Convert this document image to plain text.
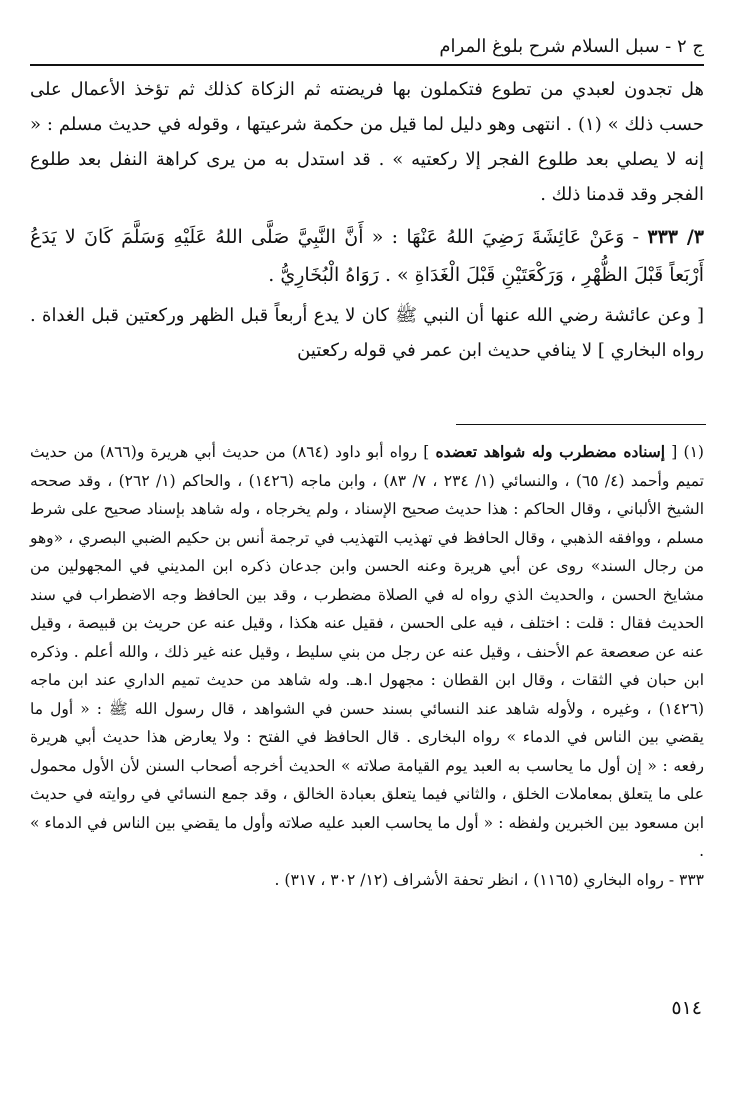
ج ٢ - سبل السلام شرح بلوغ المرام

هل تجدون لعبدي من تطوع فتكملون بها فريضته ثم الزكاة كذلك ثم تؤخذ الأعمال على حسب ذلك » (١) . انتهى وهو دليل لما قيل من حكمة شرعيتها ، وقوله في حديث مسلم : « إنه لا يصلي بعد طلوع الفجر إلا ركعتيه » . قد استدل به من يرى كراهة النفل بعد طلوع الفجر وقد قدمنا ذلك .

٣/ ٣٣٣ - وَعَنْ عَائِشَةَ رَضِيَ اللهُ عَنْهَا : « أَنَّ النَّبِيَّ صَلَّى اللهُ عَلَيْهِ وَسَلَّمَ كَانَ لا يَدَعُ أَرْبَعاً قَبْلَ الظُّهْرِ ، وَرَكْعَتَيْنِ قَبْلَ الْغَدَاةِ » . رَوَاهُ الْبُخَارِيُّ .

[ وعن عائشة رضي الله عنها أن النبي ﷺ كان لا يدع أربعاً قبل الظهر وركعتين قبل الغداة . رواه البخاري ] لا ينافي حديث ابن عمر في قوله ركعتين

(١) [ إسناده مضطرب وله شواهد تعضده ] رواه أبو داود (٨٦٤) من حديث أبي هريرة و(٨٦٦) من حديث تميم وأحمد (٤/ ٦٥) ، والنسائي (١/ ٢٣٤ ، ٧/ ٨٣) ، وابن ماجه (١٤٢٦) ، والحاكم (١/ ٢٦٢) ، وقد صححه الشيخ الألباني ، وقال الحاكم : هذا حديث صحيح الإسناد ، ولم يخرجاه ، وله شاهد بإسناد صحيح على شرط مسلم ، ووافقه الذهبي ، وقال الحافظ في تهذيب التهذيب في ترجمة أنس بن حكيم الضبي البصري ، «وهو من رجال السند» روى عن أبي هريرة وعنه الحسن وابن جدعان ذكره ابن المديني في المجهولين من مشايخ الحسن ، والحديث الذي رواه له في الصلاة مضطرب ، وقد بين الحافظ وجه الاضطراب في سند الحديث فقال : قلت : اختلف ، فيه على الحسن ، فقيل عنه هكذا ، وقيل عنه عن حريث بن قبيصة ، وقيل عنه عن صعصعة عم الأحنف ، وقيل عنه عن رجل من بني سليط ، وقيل عنه غير ذلك ، والله أعلم . وذكره ابن حبان في الثقات ، وقال ابن القطان : مجهول ا.هـ. وله شاهد من حديث تميم الداري عند ابن ماجه (١٤٢٦) ، وغيره ، ولأوله شاهد عند النسائي بسند حسن في الشواهد ، قال رسول الله ﷺ : « أول ما يقضي بين الناس في الدماء » رواه البخارى . قال الحافظ في الفتح : ولا يعارض هذا حديث أبي هريرة رفعه : « إن أول ما يحاسب به العبد يوم القيامة صلاته » الحديث أخرجه أصحاب السنن لأن الأول محمول على ما يتعلق بمعاملات الخلق ، والثاني فيما يتعلق بعبادة الخالق ، وقد جمع النسائي في روايته في حديث ابن مسعود بين الخبرين ولفظه : « أول ما يحاسب العبد عليه صلاته وأول ما يقضي بين الناس في الدماء » .

٣٣٣ - رواه البخاري (١١٦٥) ، انظر تحفة الأشراف (١٢/ ٣٠٢ ، ٣١٧) .

٥١٤
